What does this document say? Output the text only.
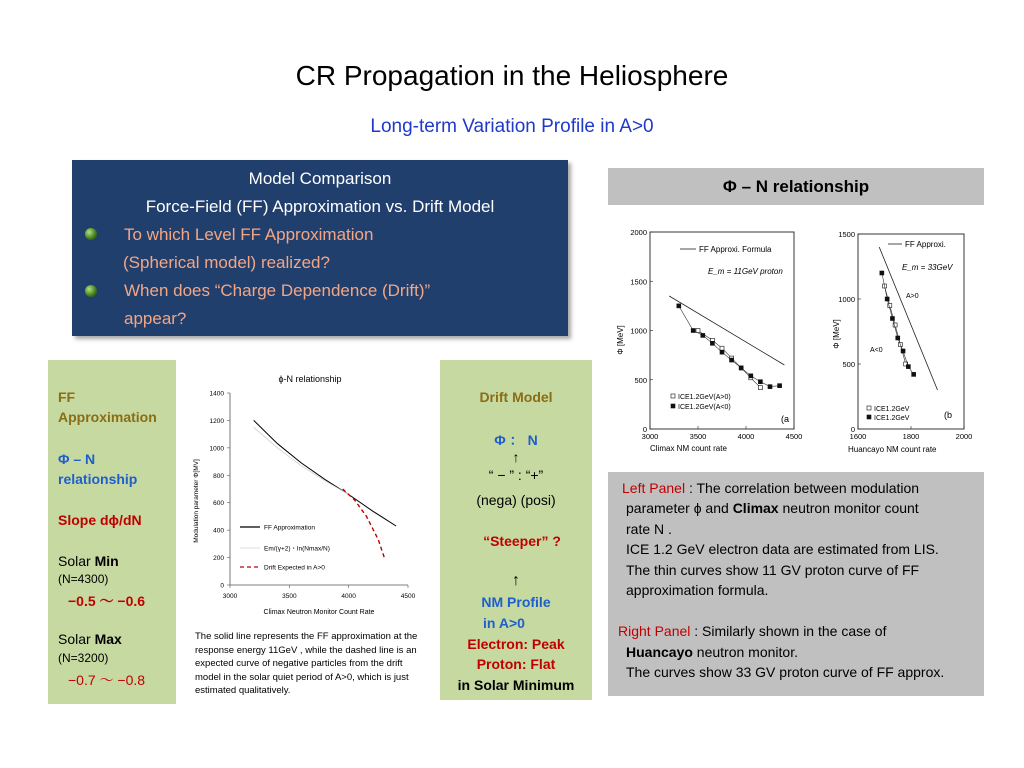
CR Propagation in the Heliosphere
Long-term Variation Profile in A>0
Model Comparison
Force-Field (FF) Approximation vs. Drift Model
To which Level FF Approximation
(Spherical model) realized?
When does “Charge Dependence (Drift)”
appear?
Φ – N relationship
FF
Approximation
Φ – N
relationship
Slope dϕ/dN
Solar Min
(N=4300)
−0.5 ～ −0.6
Solar Max
(N=3200)
−0.7 ～ −0.8
ϕ-N relationship
Modulation parameter Φ[MV]
Climax Neutron Monitor Count Rate
3000	3500	4000	4500
0
200
400
600
800
1000
1200
1400
FF Approximation
Em/(γ+2)・ln(Nmax/N)
Drift Expected in A>0
The solid line represents the FF approximation at the response energy 11GeV , while the dashed line is an expected curve of negative particles from the drift model in the solar quiet period of A>0, which is just estimated qualitatively.
Drift Model
Φ ： N
↑
“ − ” : “+”
(nega) (posi)
“Steeper” ?
↑
NM Profile
in A>0
Electron: Peak
Proton: Flat
in Solar Minimum
3000	3500	4000	4500
0
500
1000
1500
2000
FF Approxi. Formula
E_m = 11GeV proton
ICE1.2GeV(A>0)
ICE1.2GeV(A<0)
Φ [MeV]
Climax NM count rate
(a
1600	1800	2000
0
500
1000
1500
FF Approxi.
E_m = 33GeV
ICE1.2GeV
ICE1.2GeV
Φ [MeV]
Huancayo NM count rate
(b
A>0
A<0
Left Panel : The correlation between modulation
parameter ϕ and Climax neutron monitor count
rate N .
ICE 1.2 GeV electron data are estimated from LIS.
The thin curves show 11 GV proton curve of FF
approximation formula.
Right Panel : Similarly shown in the case of
Huancayo neutron monitor.
The curves show 33 GV proton curve of FF approx.
